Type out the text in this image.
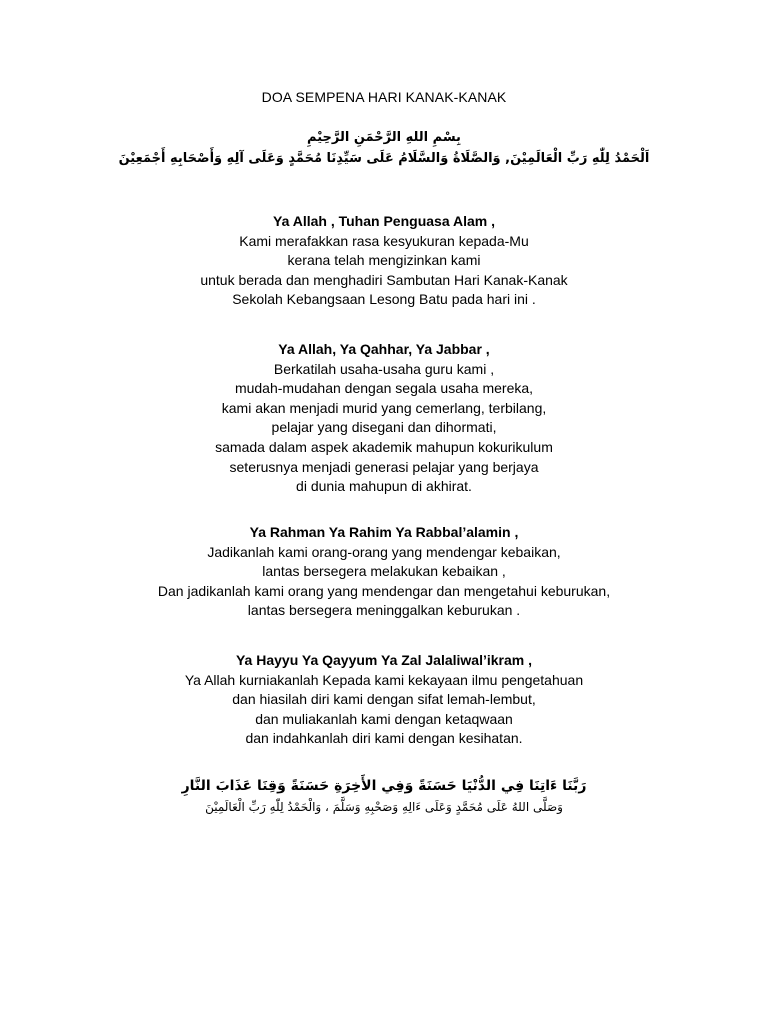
DOA SEMPENA HARI KANAK-KANAK
بِسْمِ اللهِ الرَّحْمَنِ الرَّحِيْمِ
اَلْحَمْدُ لِلّٰهِ رَبِّ الْعَالَمِيْنَ, وَالصَّلَاةُ وَالسَّلَامُ عَلَى سَيِّدِنَا مُحَمَّدٍ وَعَلَى آلِهِ وَأَصْحَابِهِ أَجْمَعِيْنَ
Ya Allah , Tuhan Penguasa Alam ,
Kami merafakkan rasa kesyukuran kepada-Mu
kerana telah mengizinkan kami
untuk berada dan menghadiri Sambutan Hari Kanak-Kanak
Sekolah Kebangsaan Lesong Batu pada hari ini .
Ya Allah, Ya Qahhar, Ya Jabbar ,
Berkatilah usaha-usaha guru kami ,
mudah-mudahan dengan segala usaha mereka,
kami akan menjadi murid yang cemerlang, terbilang,
pelajar yang disegani dan dihormati,
samada dalam aspek akademik mahupun kokurikulum
seterusnya menjadi generasi pelajar yang berjaya
di dunia mahupun di akhirat.
Ya Rahman Ya Rahim Ya Rabbal’alamin ,
Jadikanlah kami orang-orang yang mendengar kebaikan,
lantas bersegera melakukan kebaikan ,
Dan jadikanlah kami orang yang mendengar dan mengetahui keburukan,
lantas bersegera meninggalkan keburukan .
Ya Hayyu Ya Qayyum Ya Zal Jalaliwal’ikram ,
Ya Allah kurniakanlah Kepada kami kekayaan ilmu pengetahuan
dan hiasilah diri kami dengan sifat lemah-lembut,
dan muliakanlah kami dengan ketaqwaan
dan indahkanlah diri kami dengan kesihatan.
رَبَّنَا ءَاتِنَا فِي الدُّنْيَا حَسَنَةً وَفِي الأَخِرَةِ حَسَنَةً وَقِنَا عَذَابَ النَّارِ
وَصَلَّى اللهُ عَلَى مُحَمَّدٍ وَعَلَى ءَالِهِ وَصَحْبِهِ وَسَلَّمَ ، وَالْحَمْدُ لِلّٰهِ رَبِّ الْعَالَمِيْنَ
